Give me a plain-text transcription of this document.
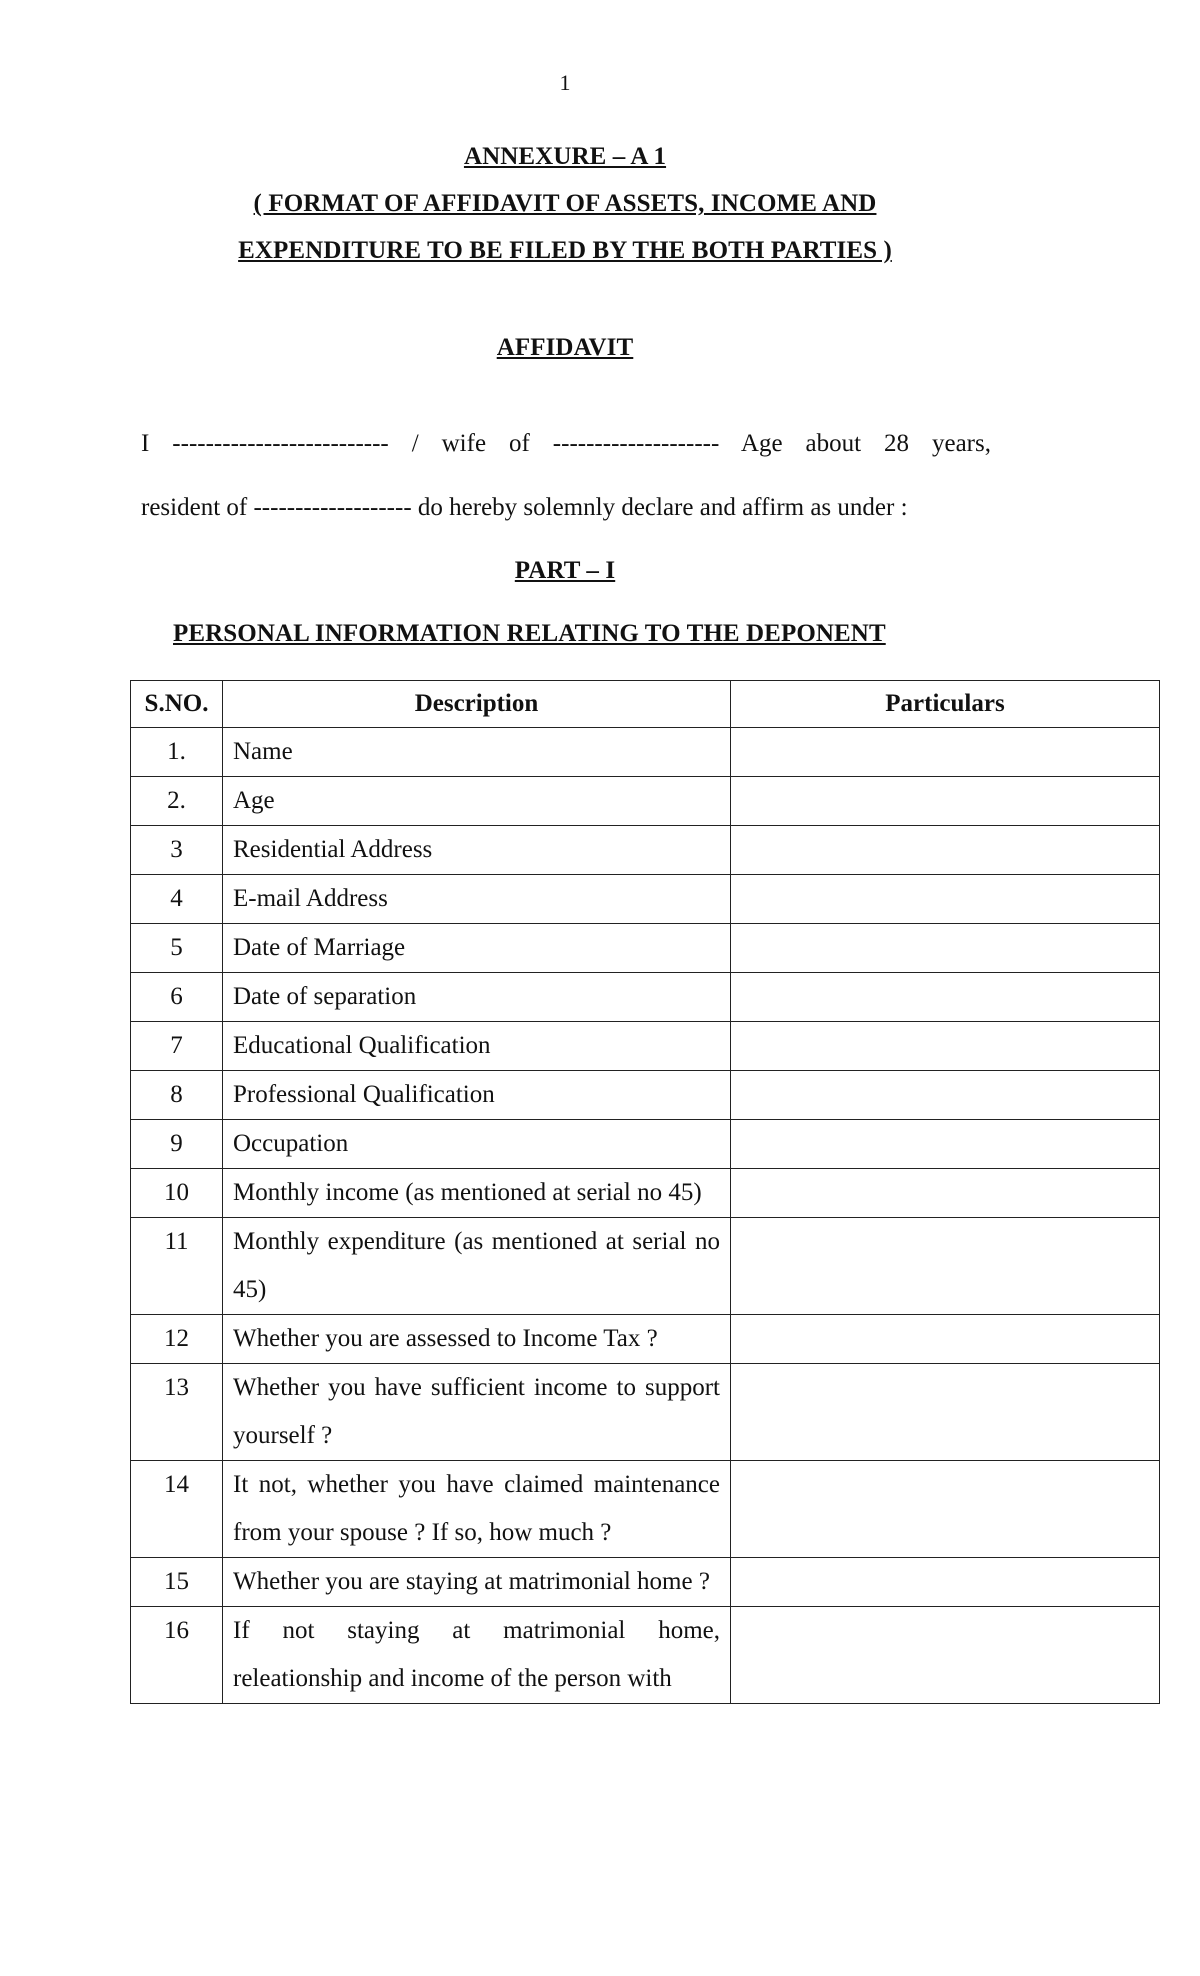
1
ANNEXURE – A 1
( FORMAT OF AFFIDAVIT OF ASSETS, INCOME AND
EXPENDITURE TO BE FILED BY THE BOTH PARTIES )
AFFIDAVIT
I -------------------------- / wife of -------------------- Age about 28 years,
resident of ------------------- do hereby solemnly declare and affirm as under :
PART – I
PERSONAL INFORMATION RELATING TO THE DEPONENT
S.NO.	Description	Particulars
1.	Name	
2.	Age	
3	Residential Address	
4	E-mail Address	
5	Date of Marriage	
6	Date of separation	
7	Educational Qualification	
8	Professional Qualification	
9	Occupation	
10	Monthly income (as mentioned at serial no 45)	
11	Monthly expenditure (as mentioned at serial no 45)	
12	Whether you are assessed to Income Tax ?	
13	Whether you have sufficient income to support yourself ?	
14	It not, whether you have claimed maintenance from your spouse ? If so, how much ?	
15	Whether you are staying at matrimonial home ?	
16	If not staying at matrimonial home, releationship and income of the person with	
